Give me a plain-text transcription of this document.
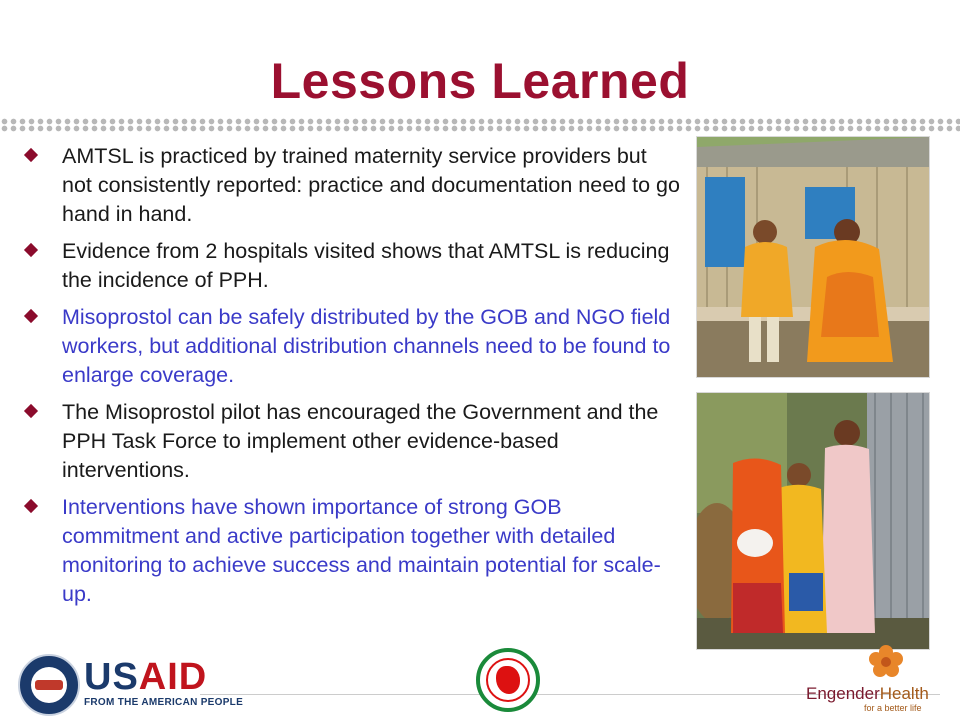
Lessons Learned
AMTSL is practiced by trained maternity service providers but not consistently reported: practice and documentation need to go hand in hand.
Evidence from 2 hospitals visited shows that AMTSL is reducing the incidence of PPH.
Misoprostol can be safely distributed by the GOB and NGO field workers, but additional distribution channels need to be found to enlarge coverage.
The Misoprostol pilot has encouraged the Government and the PPH Task Force to implement other evidence-based interventions.
Interventions have shown importance of strong GOB commitment and active participation together with detailed monitoring to achieve success and maintain potential for scale-up.
USAID
FROM THE AMERICAN PEOPLE	EngenderHealth
for a better life
